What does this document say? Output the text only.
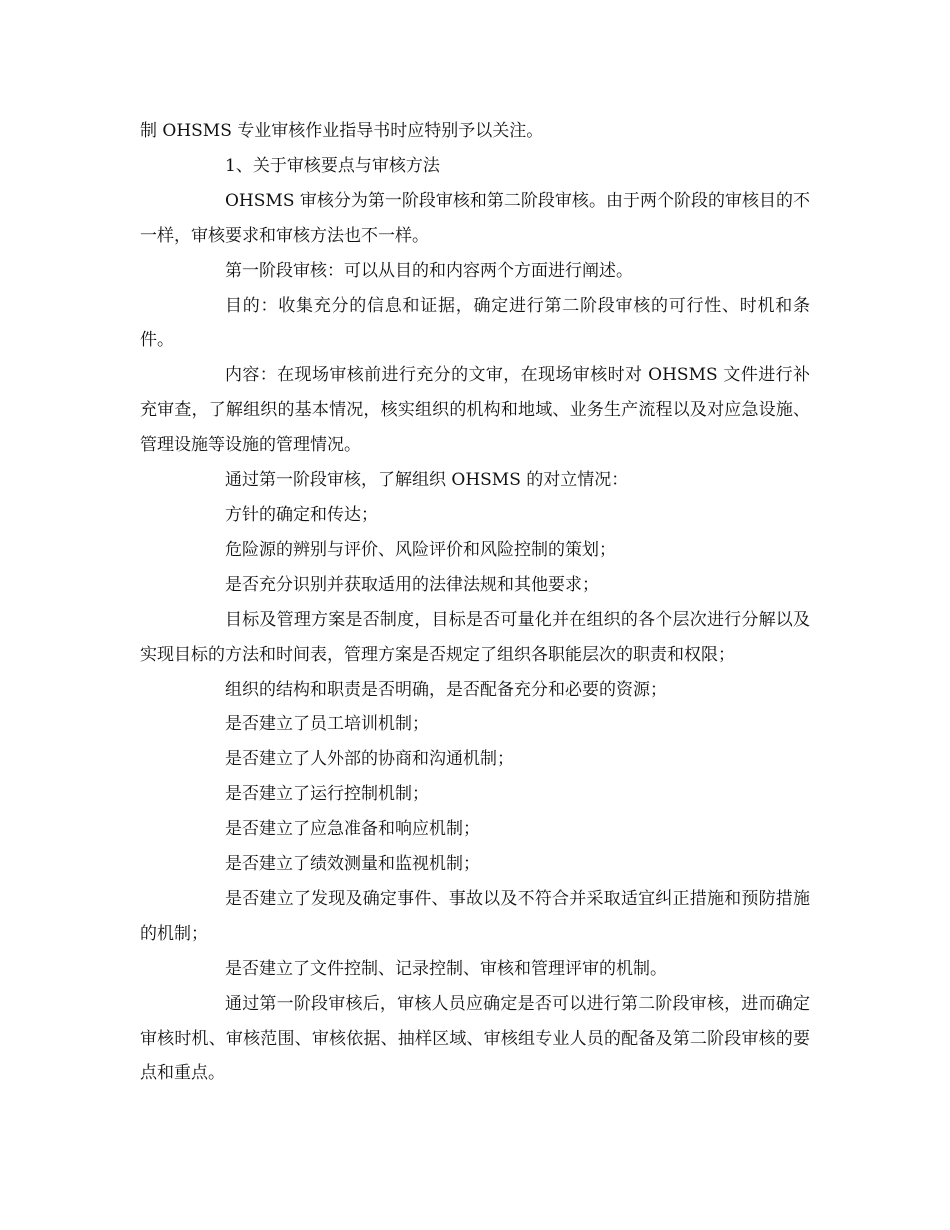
制 OHSMS 专业审核作业指导书时应特别予以关注。

1、关于审核要点与审核方法

OHSMS 审核分为第一阶段审核和第二阶段审核。由于两个阶段的审核目的不一样，审核要求和审核方法也不一样。

第一阶段审核：可以从目的和内容两个方面进行阐述。

目的：收集充分的信息和证据，确定进行第二阶段审核的可行性、时机和条件。

内容：在现场审核前进行充分的文审，在现场审核时对 OHSMS 文件进行补充审查，了解组织的基本情况，核实组织的机构和地域、业务生产流程以及对应急设施、管理设施等设施的管理情况。

通过第一阶段审核，了解组织 OHSMS 的对立情况：

方针的确定和传达；

危险源的辨别与评价、风险评价和风险控制的策划；

是否充分识别并获取适用的法律法规和其他要求；

目标及管理方案是否制度，目标是否可量化并在组织的各个层次进行分解以及实现目标的方法和时间表，管理方案是否规定了组织各职能层次的职责和权限；

组织的结构和职责是否明确，是否配备充分和必要的资源；

是否建立了员工培训机制；

是否建立了人外部的协商和沟通机制；

是否建立了运行控制机制；

是否建立了应急准备和响应机制；

是否建立了绩效测量和监视机制；

是否建立了发现及确定事件、事故以及不符合并采取适宜纠正措施和预防措施的机制；

是否建立了文件控制、记录控制、审核和管理评审的机制。

通过第一阶段审核后，审核人员应确定是否可以进行第二阶段审核，进而确定审核时机、审核范围、审核依据、抽样区域、审核组专业人员的配备及第二阶段审核的要点和重点。
